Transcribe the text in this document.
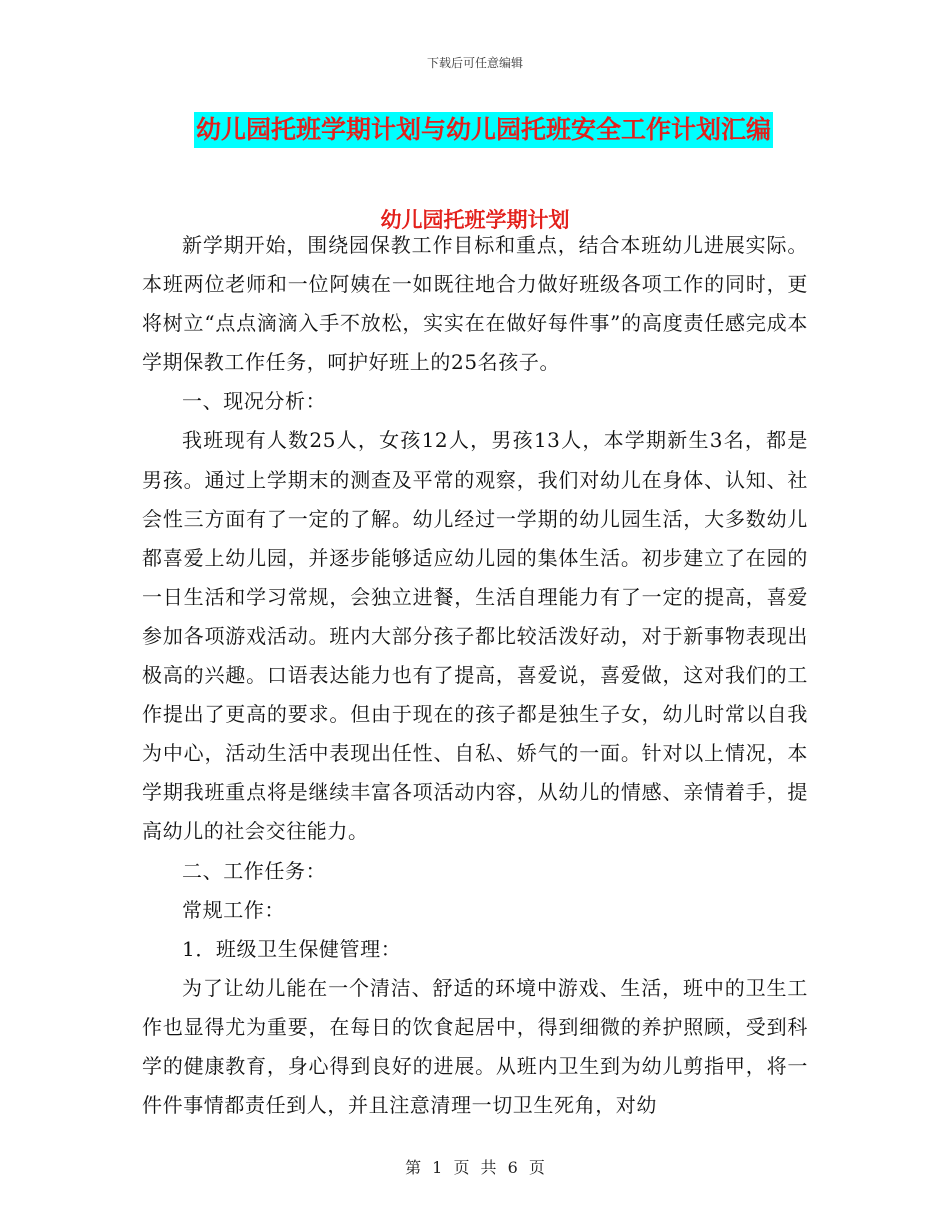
下载后可任意编辑
幼儿园托班学期计划与幼儿园托班安全工作计划汇编
幼儿园托班学期计划

新学期开始，围绕园保教工作目标和重点，结合本班幼儿进展实际。本班两位老师和一位阿姨在一如既往地合力做好班级各项工作的同时，更将树立“点点滴滴入手不放松，实实在在做好每件事”的高度责任感完成本学期保教工作任务，呵护好班上的25名孩子。

一、现况分析：

我班现有人数25人，女孩12人，男孩13人，本学期新生3名，都是男孩。通过上学期末的测查及平常的观察，我们对幼儿在身体、认知、社会性三方面有了一定的了解。幼儿经过一学期的幼儿园生活，大多数幼儿都喜爱上幼儿园，并逐步能够适应幼儿园的集体生活。初步建立了在园的一日生活和学习常规，会独立进餐，生活自理能力有了一定的提高，喜爱参加各项游戏活动。班内大部分孩子都比较活泼好动，对于新事物表现出极高的兴趣。口语表达能力也有了提高，喜爱说，喜爱做，这对我们的工作提出了更高的要求。但由于现在的孩子都是独生子女，幼儿时常以自我为中心，活动生活中表现出任性、自私、娇气的一面。针对以上情况，本学期我班重点将是继续丰富各项活动内容，从幼儿的情感、亲情着手，提高幼儿的社会交往能力。

二、工作任务：

常规工作：

1．班级卫生保健管理：

为了让幼儿能在一个清洁、舒适的环境中游戏、生活，班中的卫生工作也显得尤为重要，在每日的饮食起居中，得到细微的养护照顾，受到科学的健康教育，身心得到良好的进展。从班内卫生到为幼儿剪指甲，将一件件事情都责任到人，并且注意清理一切卫生死角，对幼

第 1 页 共 6 页
